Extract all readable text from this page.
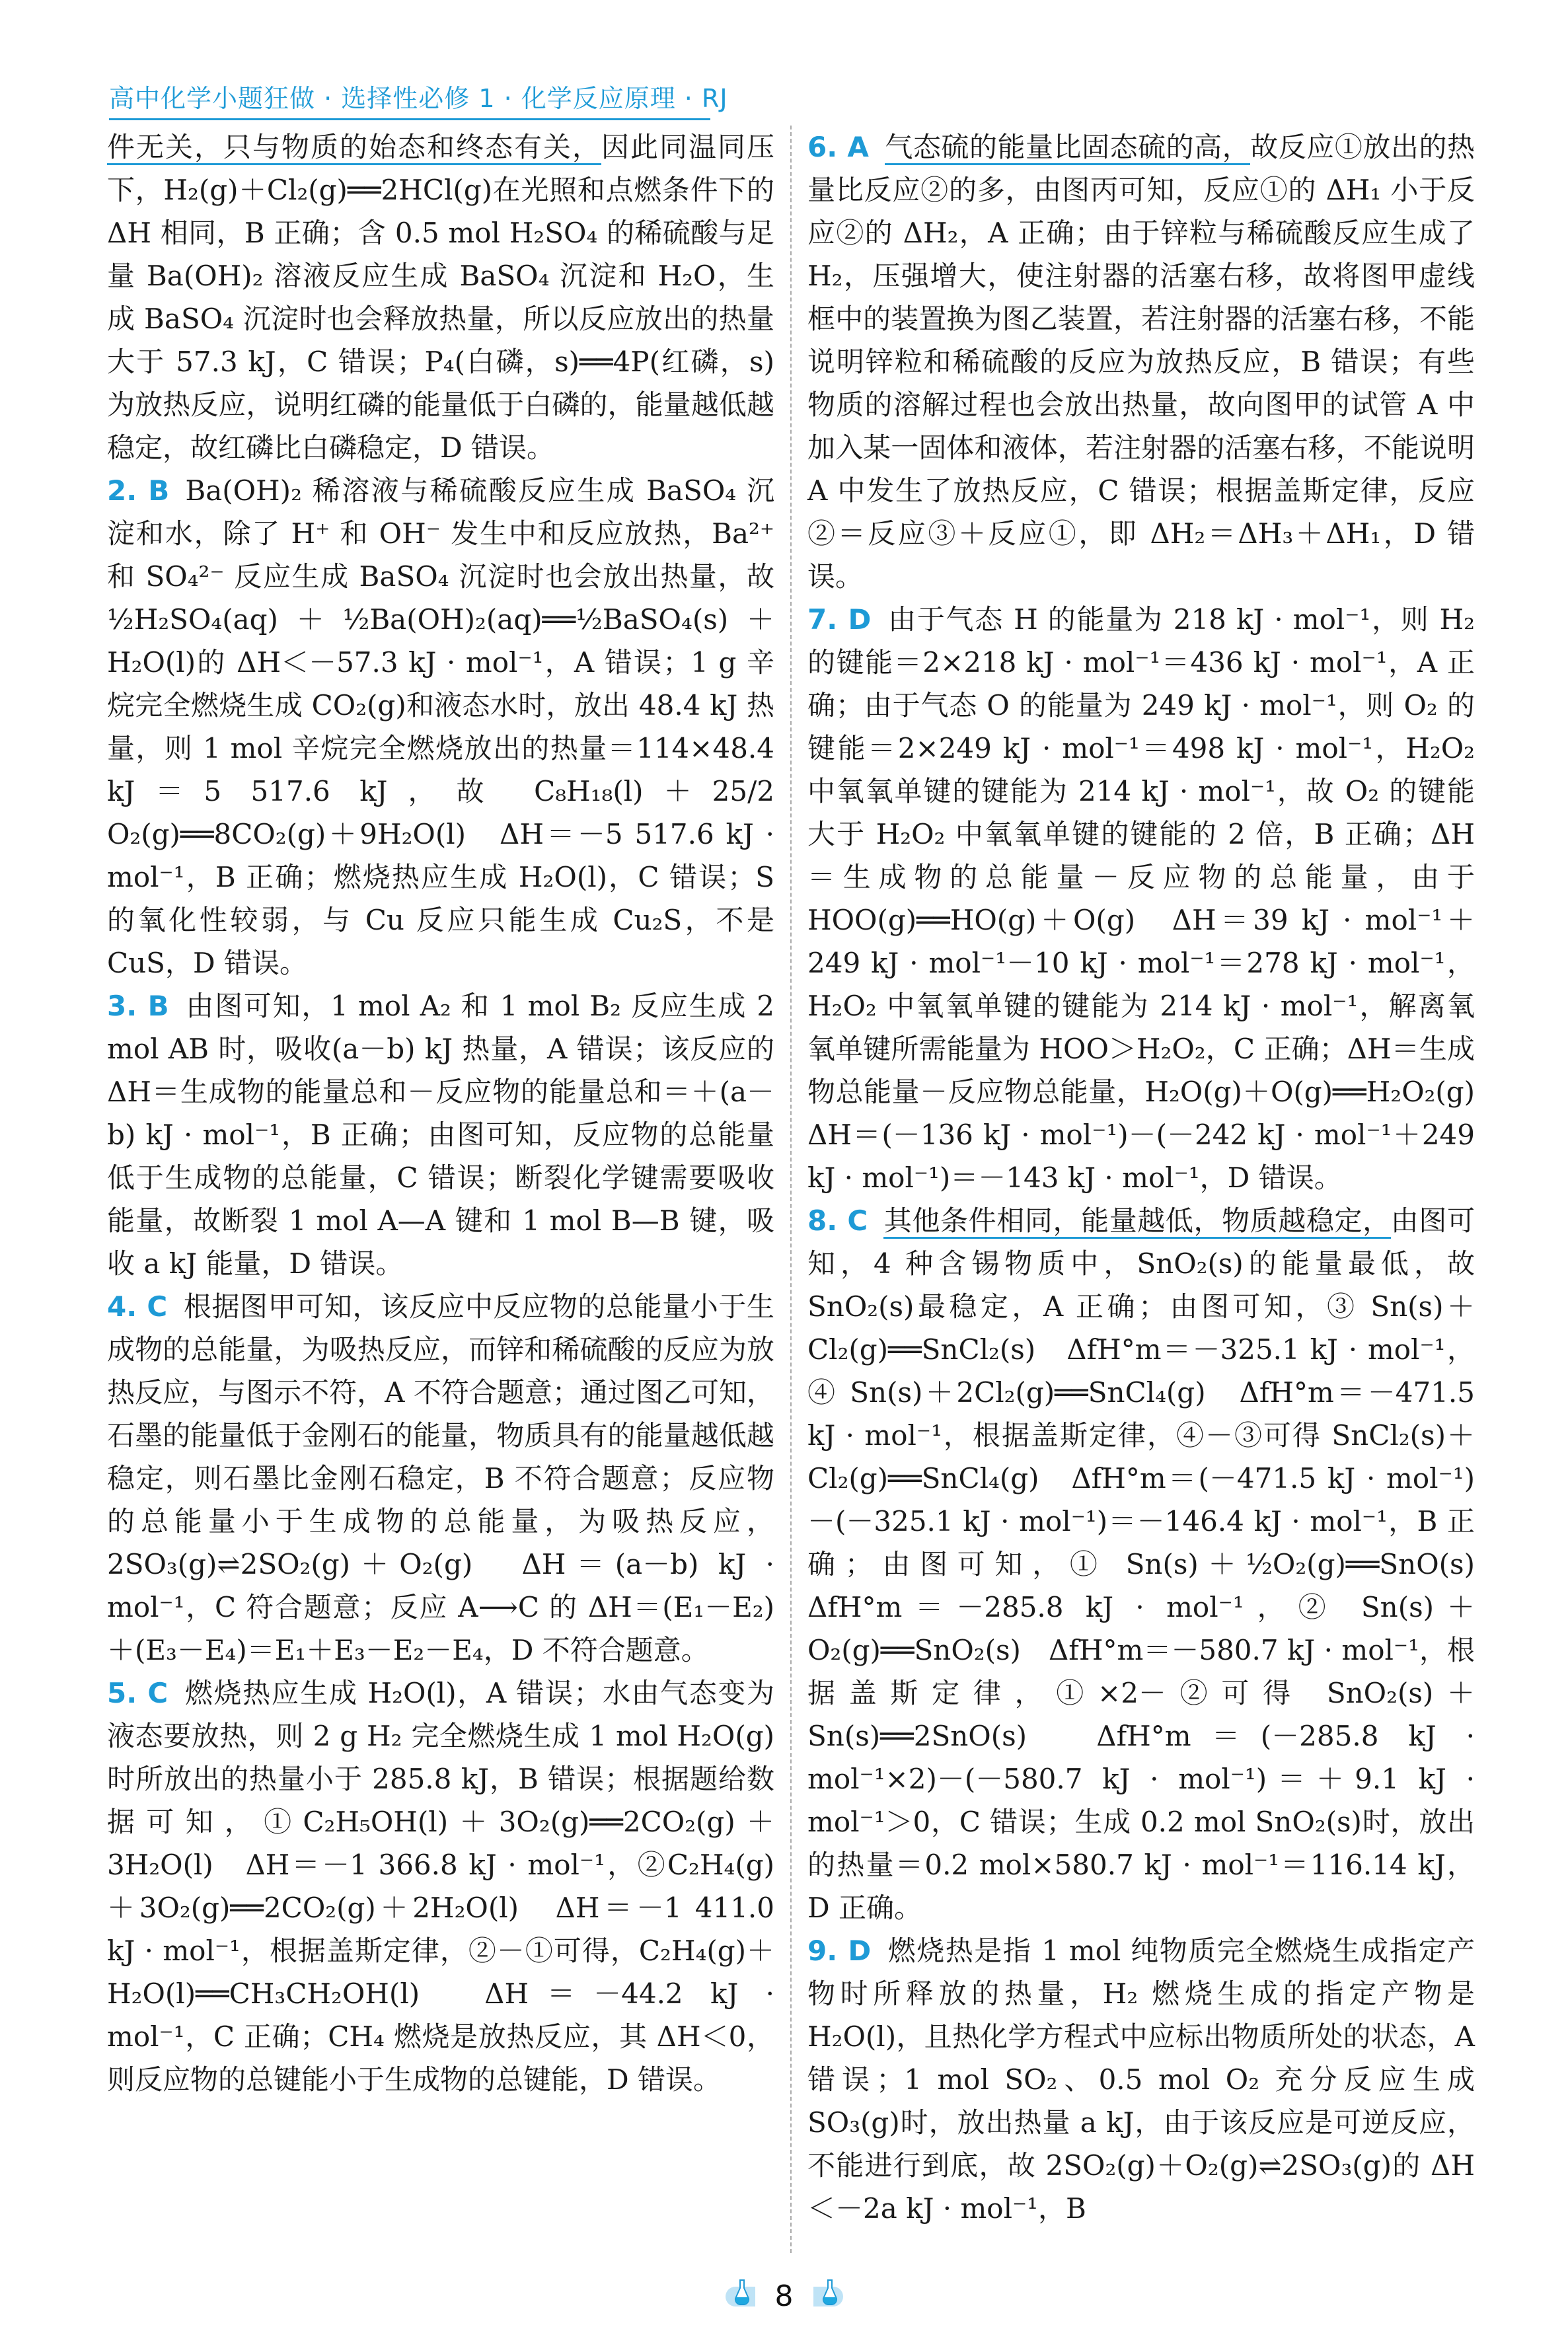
高中化学小题狂做 · 选择性必修 1 · 化学反应原理 · RJ

件无关，只与物质的始态和终态有关，因此同温同压下，H₂(g)＋Cl₂(g)══2HCl(g)在光照和点燃条件下的ΔH 相同，B 正确；含 0.5 mol H₂SO₄ 的稀硫酸与足量 Ba(OH)₂ 溶液反应生成 BaSO₄ 沉淀和 H₂O，生成 BaSO₄ 沉淀时也会释放热量，所以反应放出的热量大于 57.3 kJ，C 错误；P₄(白磷，s)══4P(红磷，s)为放热反应，说明红磷的能量低于白磷的，能量越低越稳定，故红磷比白磷稳定，D 错误。

2. B Ba(OH)₂ 稀溶液与稀硫酸反应生成 BaSO₄ 沉淀和水，除了 H⁺ 和 OH⁻ 发生中和反应放热，Ba²⁺ 和 SO₄²⁻ 反应生成 BaSO₄ 沉淀时也会放出热量，故 ½H₂SO₄(aq)＋½Ba(OH)₂(aq)══½BaSO₄(s)＋H₂O(l)的 ΔH＜－57.3 kJ · mol⁻¹，A 错误；1 g 辛烷完全燃烧生成 CO₂(g)和液态水时，放出 48.4 kJ 热量，则 1 mol 辛烷完全燃烧放出的热量＝114×48.4 kJ＝5 517.6 kJ，故 C₈H₁₈(l)＋25/2 O₂(g)══8CO₂(g)＋9H₂O(l)　ΔH＝－5 517.6 kJ · mol⁻¹，B 正确；燃烧热应生成 H₂O(l)，C 错误；S 的氧化性较弱，与 Cu 反应只能生成 Cu₂S，不是 CuS，D 错误。

3. B 由图可知，1 mol A₂ 和 1 mol B₂ 反应生成 2 mol AB 时，吸收(a－b) kJ 热量，A 错误；该反应的 ΔH＝生成物的能量总和－反应物的能量总和＝＋(a－b) kJ · mol⁻¹，B 正确；由图可知，反应物的总能量低于生成物的总能量，C 错误；断裂化学键需要吸收能量，故断裂 1 mol A—A 键和 1 mol B—B 键，吸收 a kJ 能量，D 错误。

4. C 根据图甲可知，该反应中反应物的总能量小于生成物的总能量，为吸热反应，而锌和稀硫酸的反应为放热反应，与图示不符，A 不符合题意；通过图乙可知，石墨的能量低于金刚石的能量，物质具有的能量越低越稳定，则石墨比金刚石稳定，B 不符合题意；反应物的总能量小于生成物的总能量，为吸热反应，2SO₃(g)⇌2SO₂(g)＋O₂(g)　ΔH＝(a－b) kJ · mol⁻¹，C 符合题意；反应 A⟶C 的 ΔH＝(E₁－E₂)＋(E₃－E₄)＝E₁＋E₃－E₂－E₄，D 不符合题意。

5. C 燃烧热应生成 H₂O(l)，A 错误；水由气态变为液态要放热，则 2 g H₂ 完全燃烧生成 1 mol H₂O(g)时所放出的热量小于 285.8 kJ，B 错误；根据题给数据可知，①C₂H₅OH(l)＋3O₂(g)══2CO₂(g)＋3H₂O(l)　ΔH＝－1 366.8 kJ · mol⁻¹，②C₂H₄(g)＋3O₂(g)══2CO₂(g)＋2H₂O(l)　ΔH＝－1 411.0 kJ · mol⁻¹，根据盖斯定律，②－①可得，C₂H₄(g)＋H₂O(l)══CH₃CH₂OH(l)　ΔH＝－44.2 kJ · mol⁻¹，C 正确；CH₄ 燃烧是放热反应，其 ΔH＜0，则反应物的总键能小于生成物的总键能，D 错误。

6. A 气态硫的能量比固态硫的高，故反应①放出的热量比反应②的多，由图丙可知，反应①的 ΔH₁ 小于反应②的 ΔH₂，A 正确；由于锌粒与稀硫酸反应生成了 H₂，压强增大，使注射器的活塞右移，故将图甲虚线框中的装置换为图乙装置，若注射器的活塞右移，不能说明锌粒和稀硫酸的反应为放热反应，B 错误；有些物质的溶解过程也会放出热量，故向图甲的试管 A 中加入某一固体和液体，若注射器的活塞右移，不能说明 A 中发生了放热反应，C 错误；根据盖斯定律，反应②＝反应③＋反应①，即 ΔH₂＝ΔH₃＋ΔH₁，D 错误。

7. D 由于气态 H 的能量为 218 kJ · mol⁻¹，则 H₂ 的键能＝2×218 kJ · mol⁻¹＝436 kJ · mol⁻¹，A 正确；由于气态 O 的能量为 249 kJ · mol⁻¹，则 O₂ 的键能＝2×249 kJ · mol⁻¹＝498 kJ · mol⁻¹，H₂O₂ 中氧氧单键的键能为 214 kJ · mol⁻¹，故 O₂ 的键能大于 H₂O₂ 中氧氧单键的键能的 2 倍，B 正确；ΔH＝生成物的总能量－反应物的总能量，由于 HOO(g)══HO(g)＋O(g)　ΔH＝39 kJ · mol⁻¹＋249 kJ · mol⁻¹－10 kJ · mol⁻¹＝278 kJ · mol⁻¹，H₂O₂ 中氧氧单键的键能为 214 kJ · mol⁻¹，解离氧氧单键所需能量为 HOO＞H₂O₂，C 正确；ΔH＝生成物总能量－反应物总能量，H₂O(g)＋O(g)══H₂O₂(g)　ΔH＝(－136 kJ · mol⁻¹)－(－242 kJ · mol⁻¹＋249 kJ · mol⁻¹)＝－143 kJ · mol⁻¹，D 错误。

8. C 其他条件相同，能量越低，物质越稳定，由图可知，4 种含锡物质中，SnO₂(s)的能量最低，故 SnO₂(s)最稳定，A 正确；由图可知，③ Sn(s)＋Cl₂(g)══SnCl₂(s)　ΔfH°m＝－325.1 kJ · mol⁻¹，④ Sn(s)＋2Cl₂(g)══SnCl₄(g)　ΔfH°m＝－471.5 kJ · mol⁻¹，根据盖斯定律，④－③可得 SnCl₂(s)＋Cl₂(g)══SnCl₄(g)　ΔfH°m＝(－471.5 kJ · mol⁻¹)－(－325.1 kJ · mol⁻¹)＝－146.4 kJ · mol⁻¹，B 正确；由图可知，① Sn(s)＋½O₂(g)══SnO(s)　ΔfH°m＝－285.8 kJ · mol⁻¹，② Sn(s)＋O₂(g)══SnO₂(s)　ΔfH°m＝－580.7 kJ · mol⁻¹，根据盖斯定律，①×2－②可得 SnO₂(s)＋Sn(s)══2SnO(s)　ΔfH°m＝(－285.8 kJ · mol⁻¹×2)－(－580.7 kJ · mol⁻¹)＝＋9.1 kJ · mol⁻¹＞0，C 错误；生成 0.2 mol SnO₂(s)时，放出的热量＝0.2 mol×580.7 kJ · mol⁻¹＝116.14 kJ，D 正确。

9. D 燃烧热是指 1 mol 纯物质完全燃烧生成指定产物时所释放的热量，H₂ 燃烧生成的指定产物是 H₂O(l)，且热化学方程式中应标出物质所处的状态，A 错误；1 mol SO₂、0.5 mol O₂ 充分反应生成 SO₃(g)时，放出热量 a kJ，由于该反应是可逆反应，不能进行到底，故 2SO₂(g)＋O₂(g)⇌2SO₃(g)的 ΔH＜－2a kJ · mol⁻¹，B

8
